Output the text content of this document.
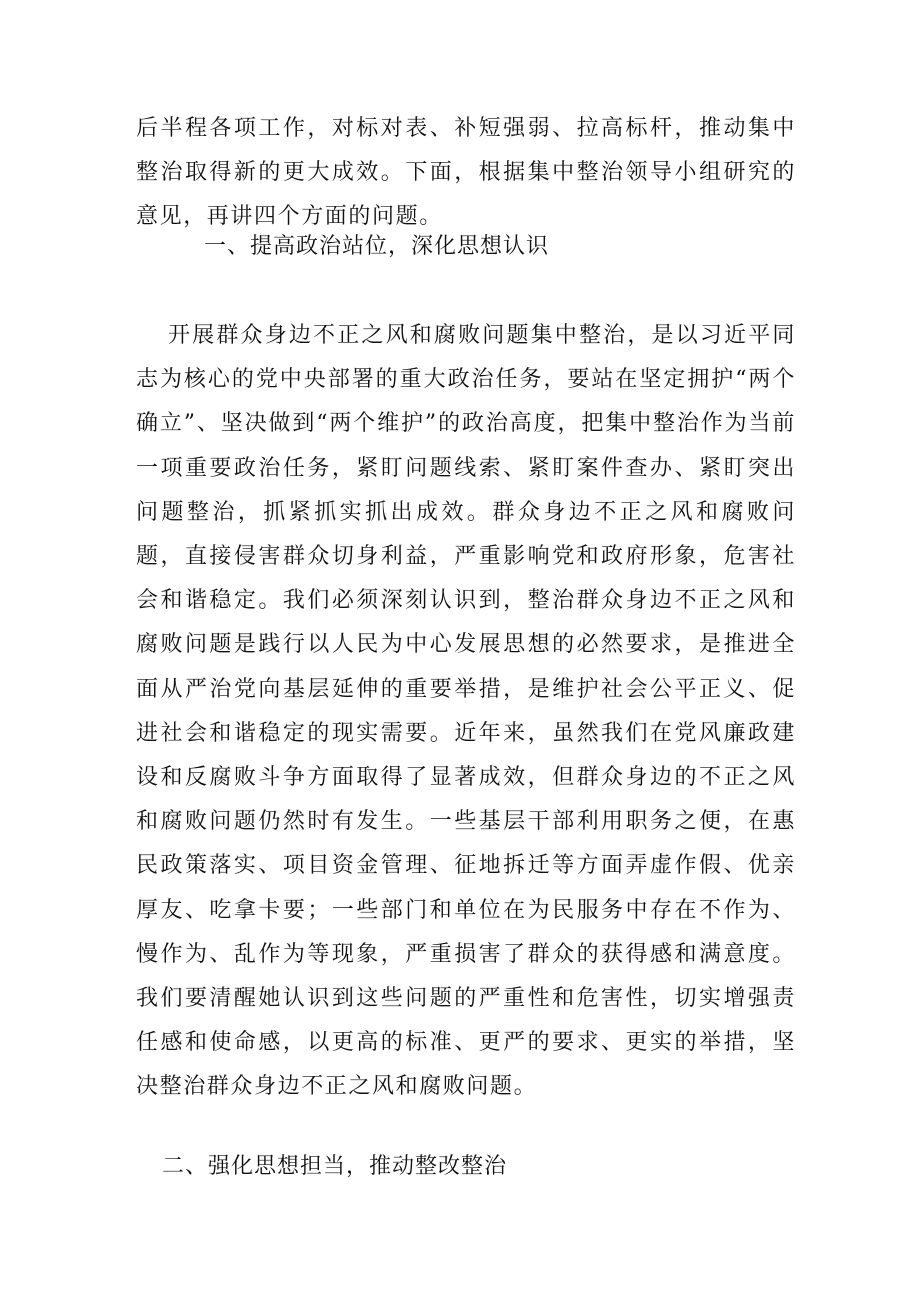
后半程各项工作，对标对表、补短强弱、拉高标杆，推动集中整治取得新的更大成效。下面，根据集中整治领导小组研究的意见，再讲四个方面的问题。

一、提高政治站位，深化思想认识

开展群众身边不正之风和腐败问题集中整治，是以习近平同志为核心的党中央部署的重大政治任务，要站在坚定拥护“两个确立”、坚决做到“两个维护”的政治高度，把集中整治作为当前一项重要政治任务，紧盯问题线索、紧盯案件查办、紧盯突出问题整治，抓紧抓实抓出成效。群众身边不正之风和腐败问题，直接侵害群众切身利益，严重影响党和政府形象，危害社会和谐稳定。我们必须深刻认识到，整治群众身边不正之风和腐败问题是践行以人民为中心发展思想的必然要求，是推进全面从严治党向基层延伸的重要举措，是维护社会公平正义、促进社会和谐稳定的现实需要。近年来，虽然我们在党风廉政建设和反腐败斗争方面取得了显著成效，但群众身边的不正之风和腐败问题仍然时有发生。一些基层干部利用职务之便，在惠民政策落实、项目资金管理、征地拆迁等方面弄虚作假、优亲厚友、吃拿卡要；一些部门和单位在为民服务中存在不作为、慢作为、乱作为等现象，严重损害了群众的获得感和满意度。我们要清醒她认识到这些问题的严重性和危害性，切实增强责任感和使命感，以更高的标准、更严的要求、更实的举措，坚决整治群众身边不正之风和腐败问题。

二、强化思想担当，推动整改整治
